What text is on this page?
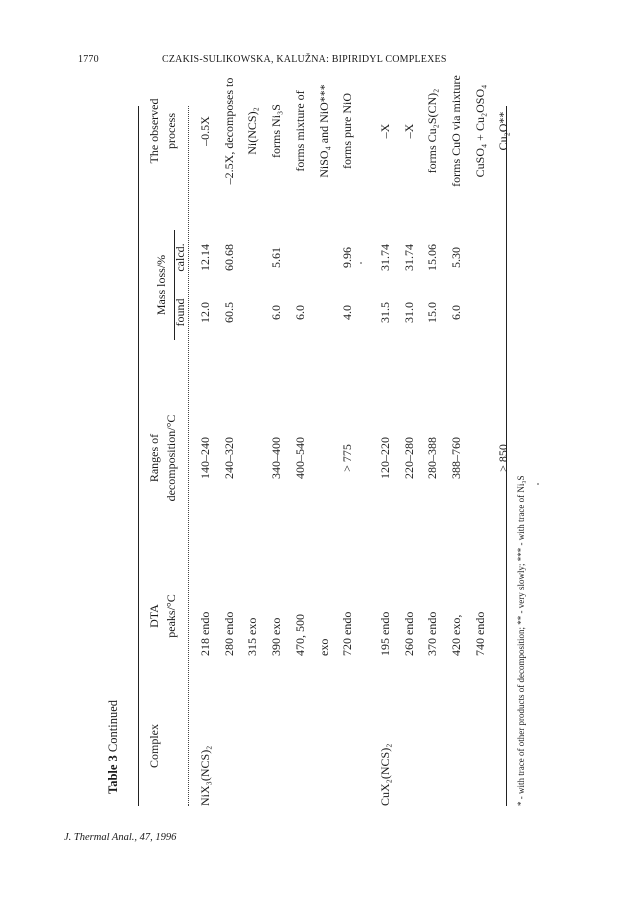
1770	CZAKIS-SULIKOWSKA, KALUŽNA: BIPIRIDYL COMPLEXES
Table 3 Continued Complex
DTA peaks/°C
Ranges of decomposition/°C
Mass loss/% found
calcd.
The observed process
NiX₃(NCS)₂
218 endo
140–240
12.0
12.14
–0.5X
280 endo
240–320
60.5
60.68
–2.5X, decomposes to
315 exo
Ni(NCS)₂
390 exo
340–400
6.0
5.61
forms Ni₃S
470, 500
400–540
6.0
forms mixture of
exo
NiSO₄ and NiO***
720 endo
> 775
4.0
9.96
forms pure NiO
CuX₂(NCS)₂
195 endo
120–220
31.5
31.74
–X
260 endo
220–280
31.0
31.74
–X
370 endo
280–388
15.0
15.06
forms Cu₂S(CN)₂
420 exo,
388–760
6.0
5.30
forms CuO via mixture
740 endo
CuSO₄ + Cu₂OSO₄
> 850
Cu₂O**
* - with trace of other products of decomposition; ** - very slowly; *** - with trace of Ni₃S
J. Thermal Anal., 47, 1996
